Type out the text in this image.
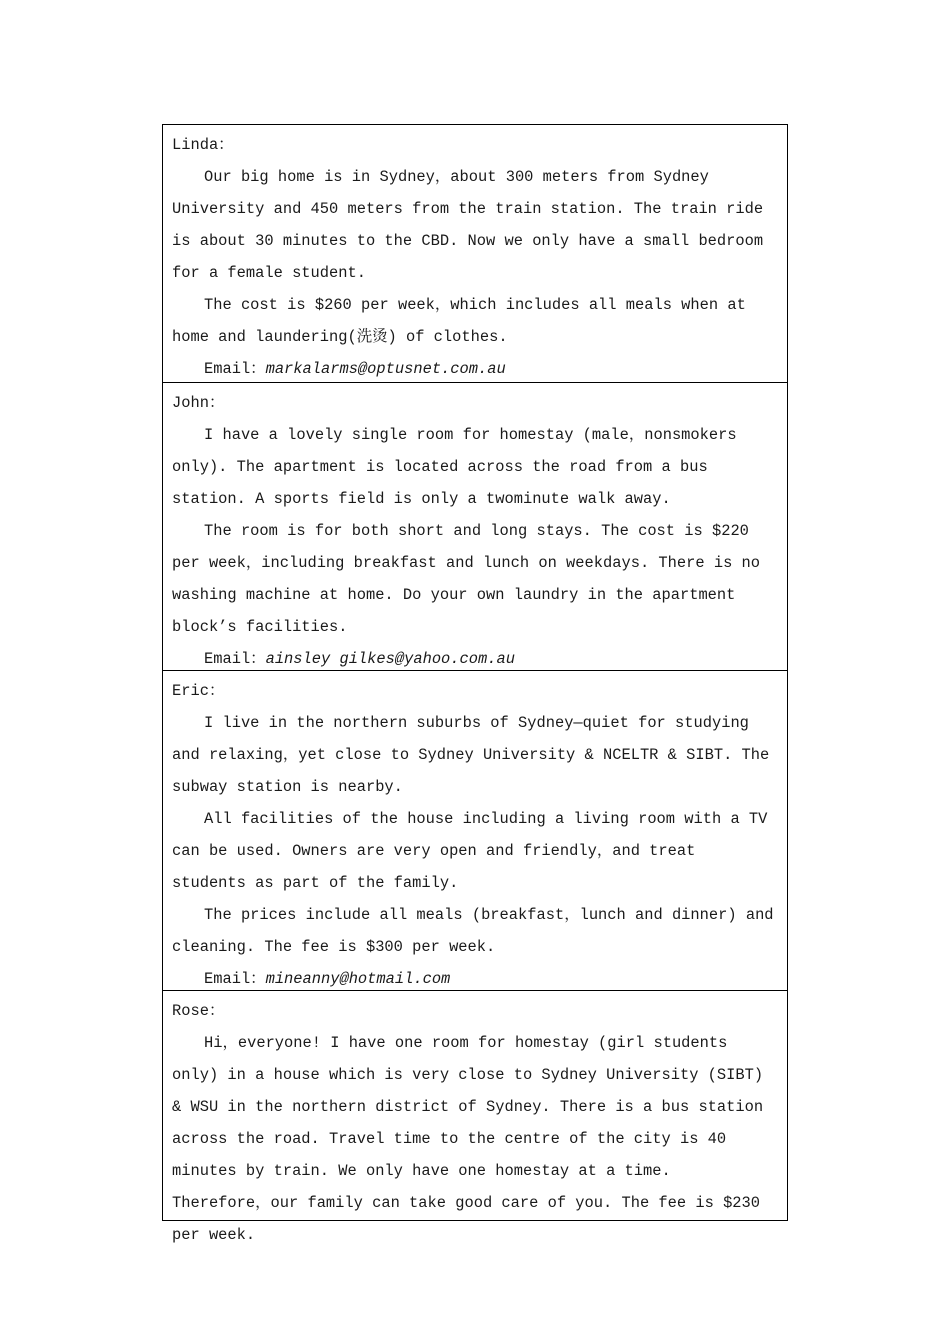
Linda：

Our big home is in Sydney，about 300 meters from Sydney University and 450 meters from the train station. The train ride is about 30 minutes to the CBD. Now we only have a small bedroom for a female student.

The cost is $260 per week，which includes all meals when at home and laundering(洗烫) of clothes.

Email：markalarms@optusnet.com.au

John：

I have a lovely single room for homestay (male，nonsmokers only). The apartment is located across the road from a bus station. A sports field is only a twominute walk away.

The room is for both short and long stays. The cost is $220 per week，including breakfast and lunch on weekdays. There is no washing machine at home. Do your own laundry in the apartment block’s facilities.

Email：ainsley gilkes@yahoo.com.au

Eric：

I live in the northern suburbs of Sydney—quiet for studying and relaxing，yet close to Sydney University & NCELTR & SIBT. The subway station is nearby.

All facilities of the house including a living room with a TV can be used. Owners are very open and friendly，and treat students as part of the family.

The prices include all meals (breakfast，lunch and dinner) and cleaning. The fee is $300 per week.

Email：mineanny@hotmail.com

Rose：

Hi，everyone! I have one room for homestay (girl students only) in a house which is very close to Sydney University (SIBT) & WSU in the northern district of Sydney. There is a bus station across the road. Travel time to the centre of the city is 40 minutes by train. We only have one homestay at a time. Therefore，our family can take good care of you. The fee is $230 per week.
